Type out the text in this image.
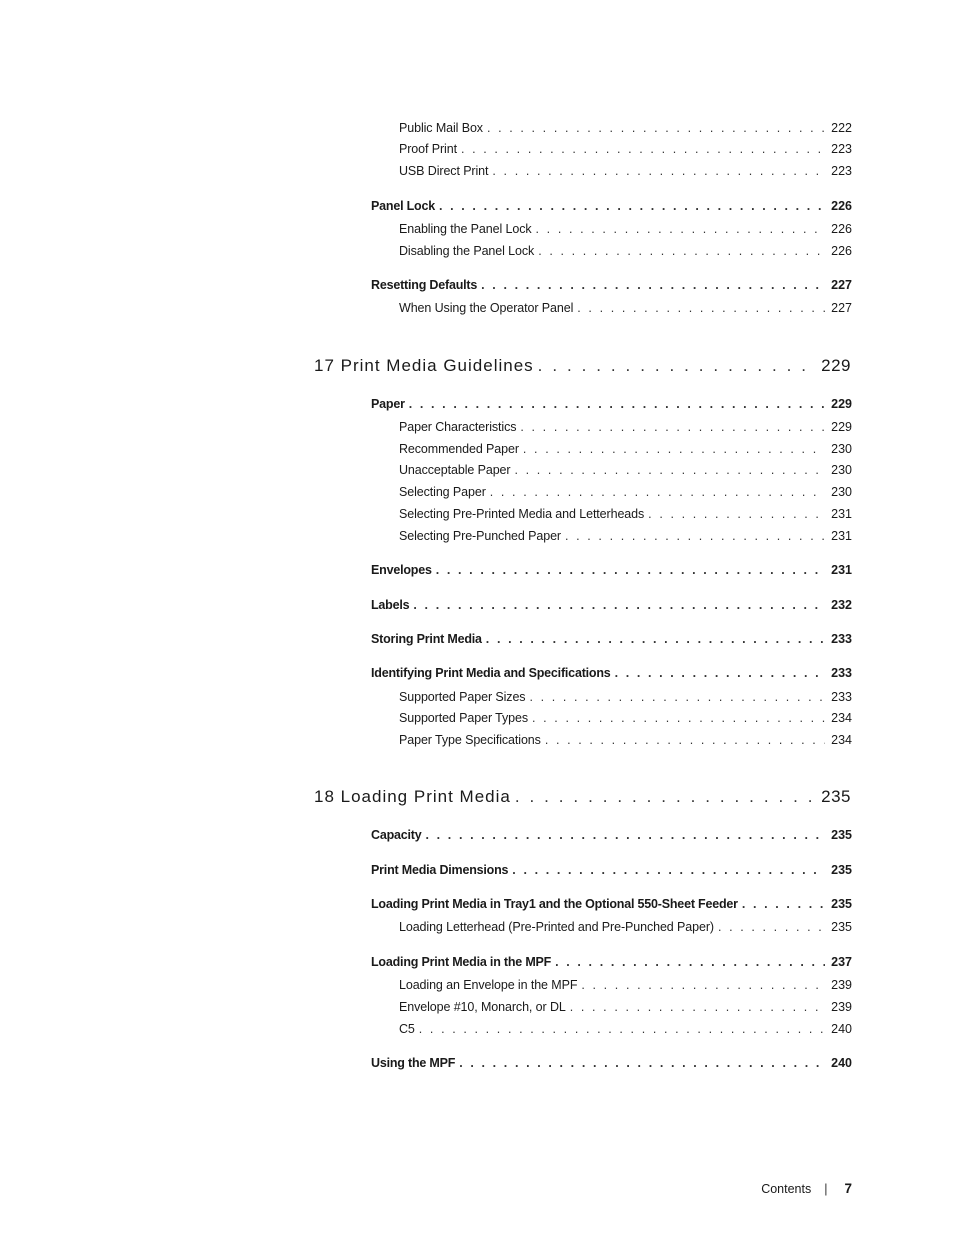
Public Mail Box . . .	222
Proof Print . . .	223
USB Direct Print . . .	223
Panel Lock . . .	226
Enabling the Panel Lock . . .	226
Disabling the Panel Lock . . .	226
Resetting Defaults . . .	227
When Using the Operator Panel . . .	227
17 Print Media Guidelines . . .	229
Paper . . .	229
Paper Characteristics . . .	229
Recommended Paper . . .	230
Unacceptable Paper . . .	230
Selecting Paper . . .	230
Selecting Pre-Printed Media and Letterheads . . .	231
Selecting Pre-Punched Paper . . .	231
Envelopes . . .	231
Labels . . .	232
Storing Print Media . . .	233
Identifying Print Media and Specifications . . .	233
Supported Paper Sizes . . .	233
Supported Paper Types . . .	234
Paper Type Specifications . . .	234
18 Loading Print Media . . .	235
Capacity . . .	235
Print Media Dimensions . . .	235
Loading Print Media in Tray1 and the Optional 550-Sheet Feeder . . .	235
Loading Letterhead (Pre-Printed and Pre-Punched Paper) . . .	235
Loading Print Media in the MPF . . .	237
Loading an Envelope in the MPF . . .	239
Envelope #10, Monarch, or DL . . .	239
C5 . . .	240
Using the MPF . . .	240
Contents | 7
